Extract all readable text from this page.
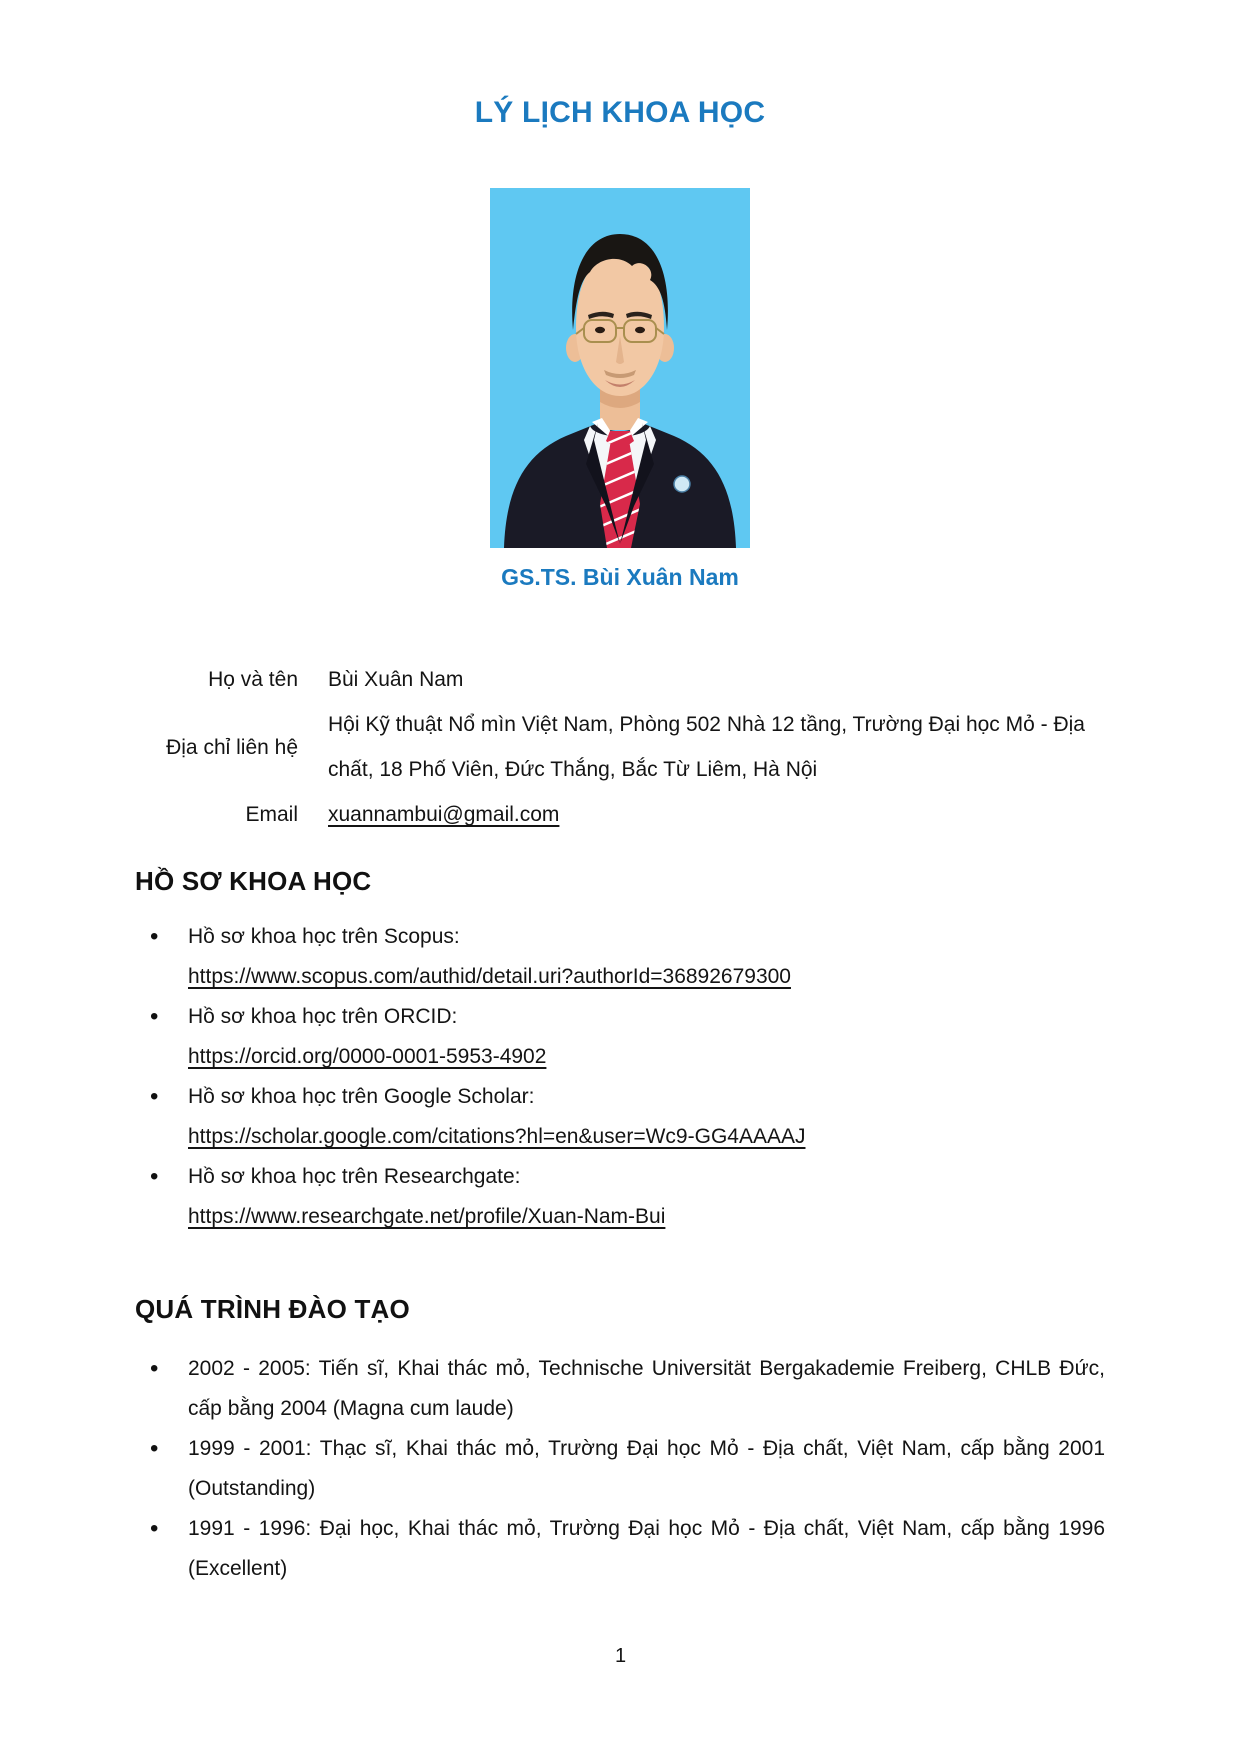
LÝ LỊCH KHOA HỌC
GS.TS. Bùi Xuân Nam
Họ và tên Bùi Xuân Nam
Địa chỉ liên hệ
Hội Kỹ thuật Nổ mìn Việt Nam, Phòng 502 Nhà 12 tầng, Trường Đại học Mỏ - Địa chất, 18 Phố Viên, Đức Thắng, Bắc Từ Liêm, Hà Nội
Email xuannambui@gmail.com
HỒ SƠ KHOA HỌC
• Hồ sơ khoa học trên Scopus:
https://www.scopus.com/authid/detail.uri?authorId=36892679300
• Hồ sơ khoa học trên ORCID:
https://orcid.org/0000-0001-5953-4902
• Hồ sơ khoa học trên Google Scholar:
https://scholar.google.com/citations?hl=en&user=Wc9-GG4AAAAJ
• Hồ sơ khoa học trên Researchgate:
https://www.researchgate.net/profile/Xuan-Nam-Bui
QUÁ TRÌNH ĐÀO TẠO
• 2002 - 2005: Tiến sĩ, Khai thác mỏ, Technische Universität Bergakademie Freiberg, CHLB Đức, cấp bằng 2004 (Magna cum laude)
• 1999 - 2001: Thạc sĩ, Khai thác mỏ, Trường Đại học Mỏ - Địa chất, Việt Nam, cấp bằng 2001 (Outstanding)
• 1991 - 1996: Đại học, Khai thác mỏ, Trường Đại học Mỏ - Địa chất, Việt Nam, cấp bằng 1996 (Excellent)
1
